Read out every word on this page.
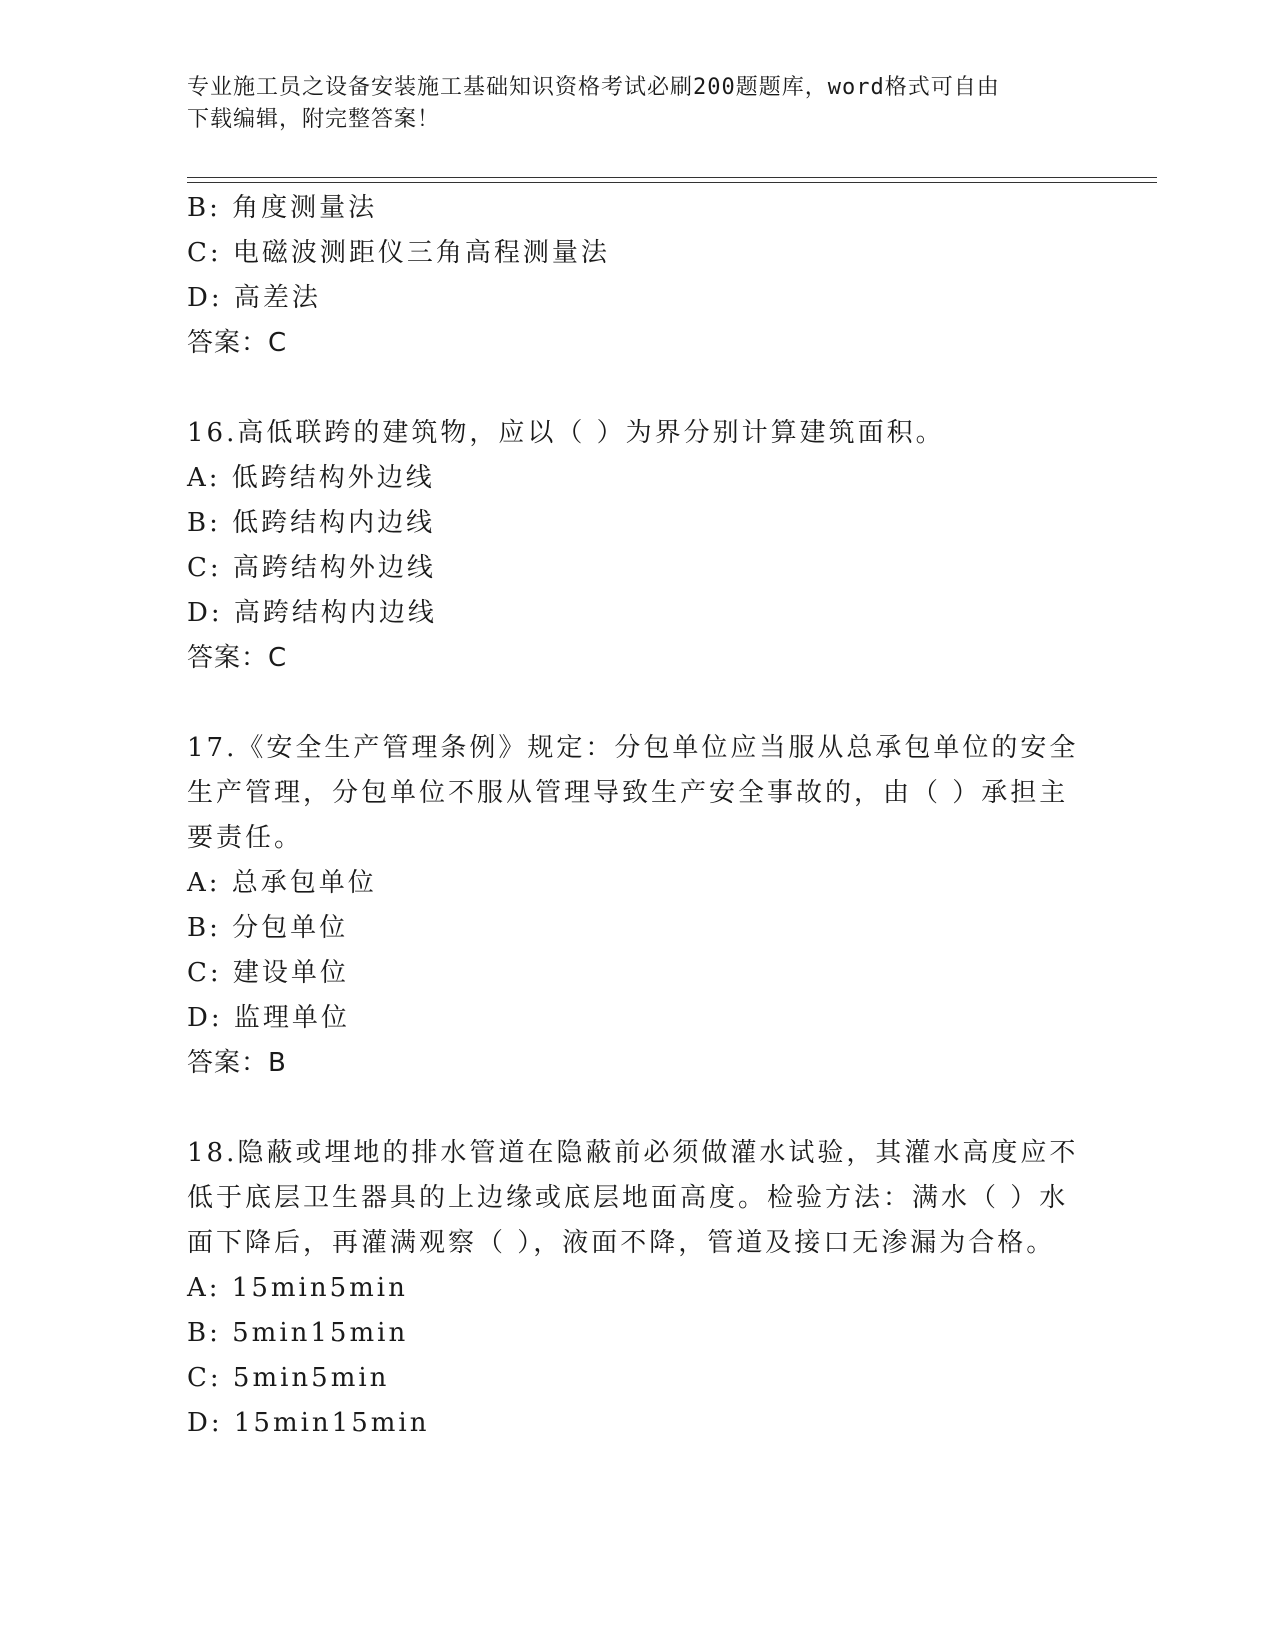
专业施工员之设备安装施工基础知识资格考试必刷200题题库，word格式可自由
下载编辑，附完整答案！
B: 角度测量法
C: 电磁波测距仪三角高程测量法
D: 高差法
答案：C
16.高低联跨的建筑物，应以（ ）为界分别计算建筑面积。
A: 低跨结构外边线
B: 低跨结构内边线
C: 高跨结构外边线
D: 高跨结构内边线
答案：C
17.《安全生产管理条例》规定：分包单位应当服从总承包单位的安全
生产管理，分包单位不服从管理导致生产安全事故的，由（ ）承担主
要责任。
A: 总承包单位
B: 分包单位
C: 建设单位
D: 监理单位
答案：B
18.隐蔽或埋地的排水管道在隐蔽前必须做灌水试验，其灌水高度应不
低于底层卫生器具的上边缘或底层地面高度。检验方法：满水（ ）水
面下降后，再灌满观察（ ），液面不降，管道及接口无渗漏为合格。
A: 15min5min
B: 5min15min
C: 5min5min
D: 15min15min
